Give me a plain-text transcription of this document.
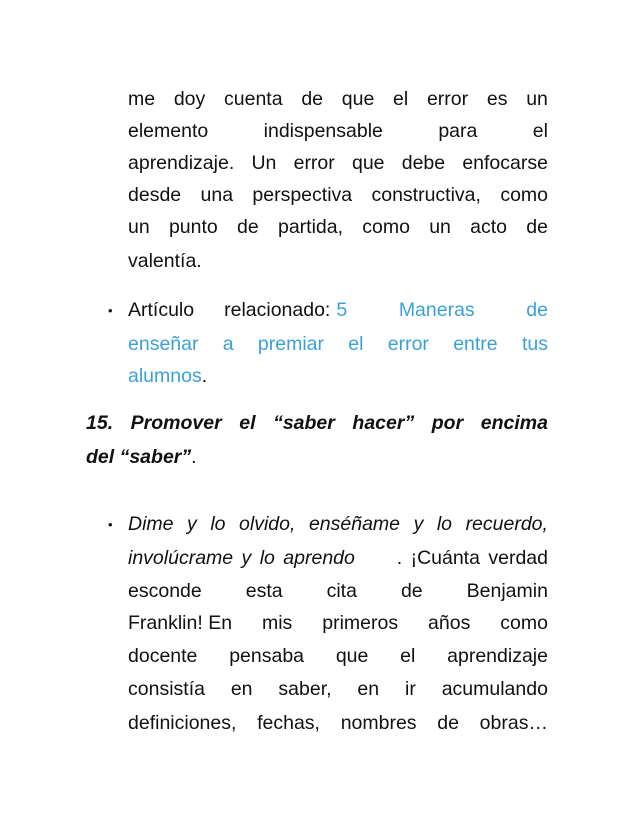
me doy cuenta de que el error es un
elemento	indispensable	para	el
aprendizaje. Un error que debe enfocarse
desde una perspectiva constructiva, como
un punto de partida, como un acto de
valentía.
• Artículo relacionado: 5	Maneras	de
enseñar a premiar el error entre tus
alumnos.
15. Promover el “saber hacer” por encima
del “saber”.
• Dime y lo olvido, enséñame y lo recuerdo,
involúcrame y lo aprendo . ¡Cuánta verdad
esconde esta cita de Benjamin
Franklin! En mis primeros años como
docente pensaba que el aprendizaje
consistía en saber, en ir acumulando
definiciones, fechas, nombres de obras…
